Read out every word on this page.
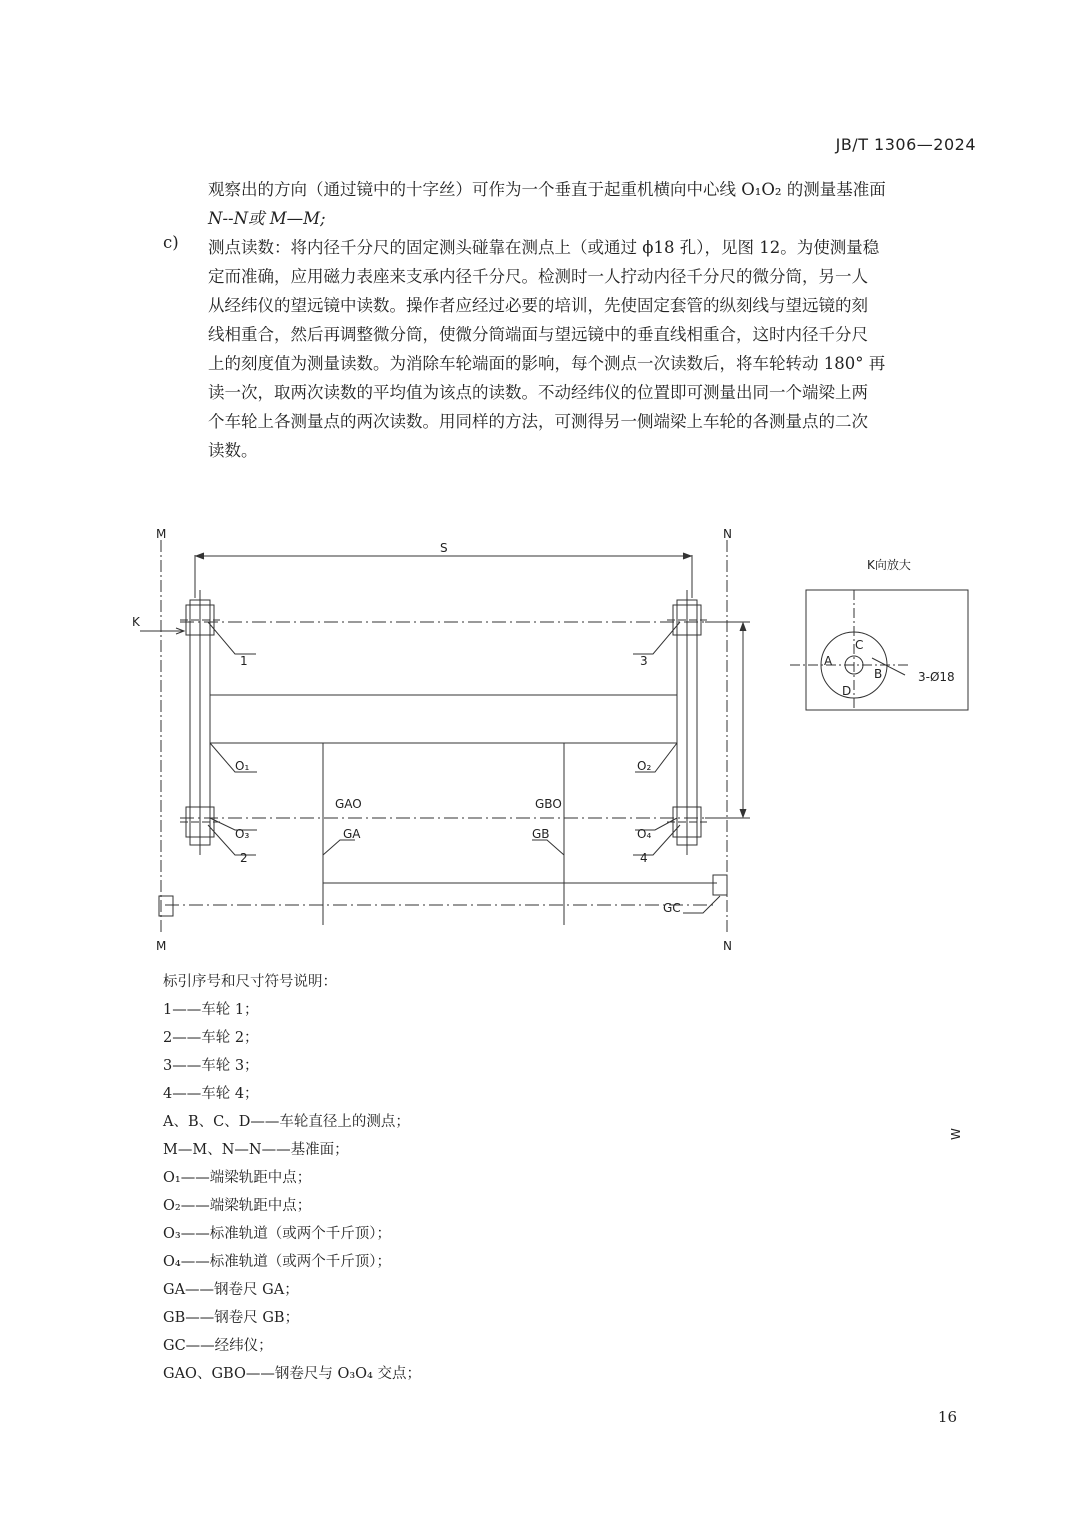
JB/T 1306—2024

观察出的方向（通过镜中的十字丝）可作为一个垂直于起重机横向中心线 O₁O₂ 的测量基准面

N--N或 M—M;

c) 测点读数：将内径千分尺的固定测头碰靠在测点上（或通过 ϕ18 孔），见图 12。为使测量稳

定而准确，应用磁力表座来支承内径千分尺。检测时一人拧动内径千分尺的微分筒，另一人

从经纬仪的望远镜中读数。操作者应经过必要的培训，先使固定套管的纵刻线与望远镜的刻

线相重合，然后再调整微分筒，使微分筒端面与望远镜中的垂直线相重合，这时内径千分尺

上的刻度值为测量读数。为消除车轮端面的影响，每个测点一次读数后，将车轮转动 180° 再

读一次，取两次读数的平均值为该点的读数。不动经纬仪的位置即可测量出同一个端梁上两

个车轮上各测量点的两次读数。用同样的方法，可测得另一侧端梁上车轮的各测量点的二次

读数。

M
M
N
N
S
K
W
1
2
3
4
O₁	O₂
O₃	O₄
GAO	GBO
GA	GB
GC
K向放大
A
B
C
D
3-Ø18
标引序号和尺寸符号说明：
1——车轮 1；
2——车轮 2；
3——车轮 3；
4——车轮 4；
A、B、C、D——车轮直径上的测点；
M—M、N—N——基准面；
O₁——端梁轨距中点；
O₂——端梁轨距中点；
O₃——标准轨道（或两个千斤顶）；
O₄——标准轨道（或两个千斤顶）；
GA——钢卷尺 GA；
GB——钢卷尺 GB；
GC——经纬仪；
GAO、GBO——钢卷尺与 O₃O₄ 交点；
16
